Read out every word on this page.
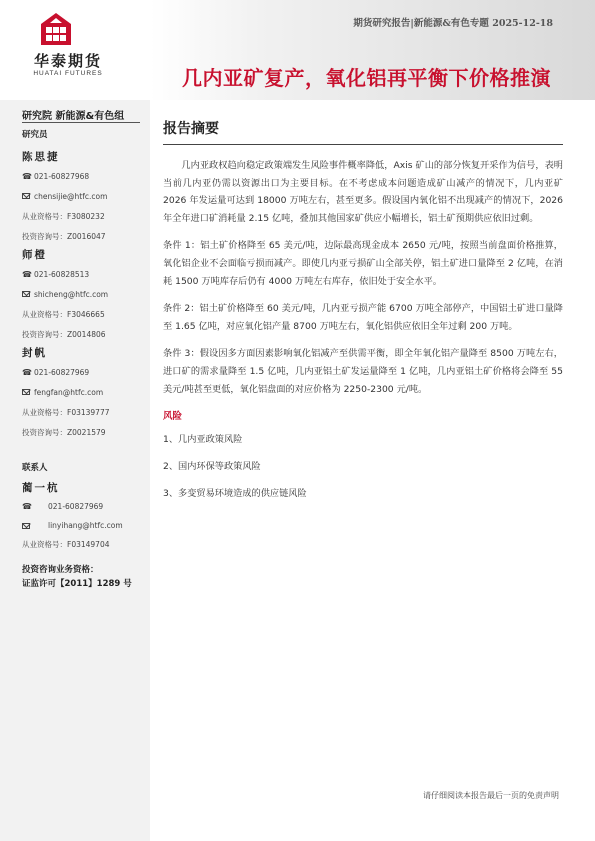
华泰期货
HUATAI FUTURES
期货研究报告|新能源&有色专题 2025-12-18
几内亚矿复产，氧化铝再平衡下价格推演
研究院 新能源&有色组
研究员
陈思捷
☎ 021-60827968
chensijie@htfc.com
从业资格号： F3080232
投资咨询号： Z0016047
师橙
☎ 021-60828513
shicheng@htfc.com
从业资格号： F3046665
投资咨询号： Z0014806
封帆
☎ 021-60827969
fengfan@htfc.com
从业资格号： F03139777
投资咨询号： Z0021579
联系人
蔺一杭
☎ 021-60827969
linyihang@htfc.com
从业资格号： F03149704
投资咨询业务资格：
证监许可【2011】1289 号
报告摘要

几内亚政权趋向稳定政策端发生风险事件概率降低，Axis 矿山的部分恢复开采作为信号，表明当前几内亚仍需以资源出口为主要目标。在不考虑成本问题造成矿山减产的情况下，几内亚矿 2026 年发运量可达到 18000 万吨左右，甚至更多。假设国内氧化铝不出现减产的情况下，2026 年全年进口矿消耗量 2.15 亿吨，叠加其他国家矿供应小幅增长，铝土矿预期供应依旧过剩。

条件 1：铝土矿价格降至 65 美元/吨，边际最高现金成本 2650 元/吨，按照当前盘面价格推算，氧化铝企业不会面临亏损而减产。即使几内亚亏损矿山全部关停，铝土矿进口量降至 2 亿吨，在消耗 1500 万吨库存后仍有 4000 万吨左右库存，依旧处于安全水平。

条件 2：铝土矿价格降至 60 美元/吨，几内亚亏损产能 6700 万吨全部停产，中国铝土矿进口量降至 1.65 亿吨，对应氧化铝产量 8700 万吨左右，氧化铝供应依旧全年过剩 200 万吨。

条件 3：假设因多方面因素影响氧化铝减产至供需平衡，即全年氧化铝产量降至 8500 万吨左右，进口矿的需求量降至 1.5 亿吨，几内亚铝土矿发运量降至 1 亿吨，几内亚铝土矿价格将会降至 55 美元/吨甚至更低，氧化铝盘面的对应价格为 2250-2300 元/吨。

风险
1、几内亚政策风险
2、国内环保等政策风险
3、多变贸易环境造成的供应链风险
请仔细阅读本报告最后一页的免责声明
